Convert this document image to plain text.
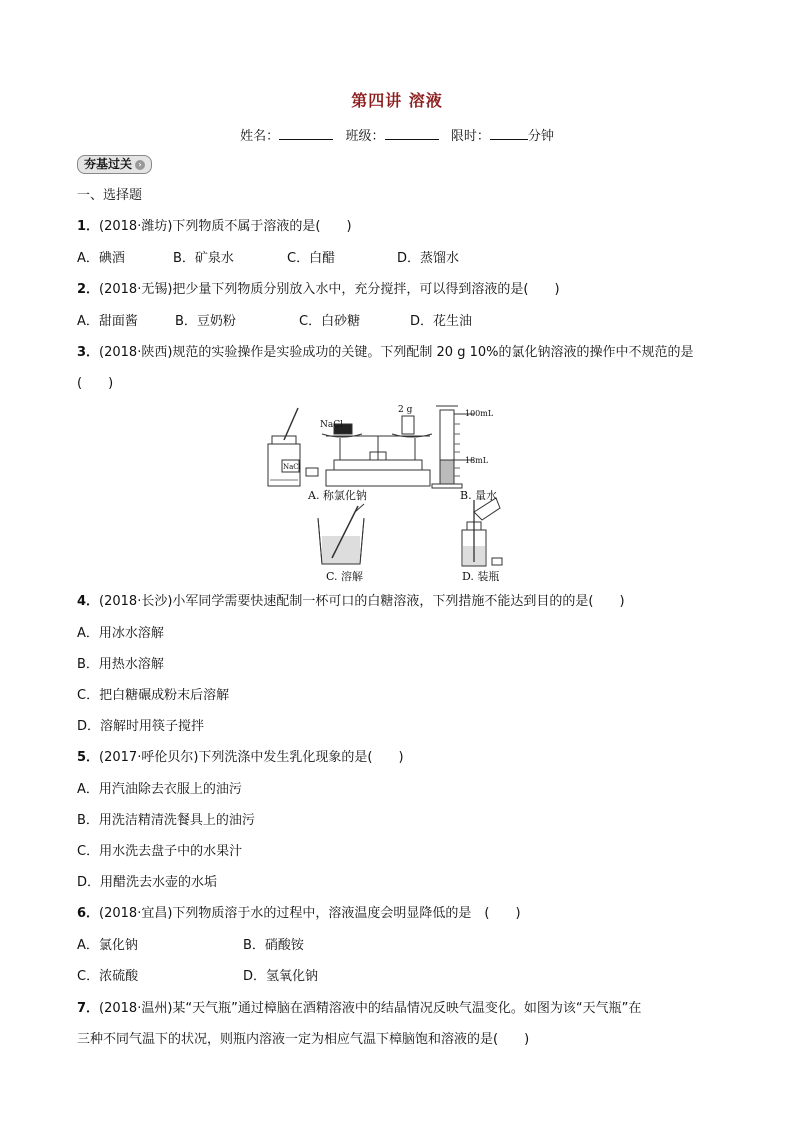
第四讲 溶液
姓名：	班级：	限时：	分钟
夯基过关 ›
一、选择题
1．(2018·潍坊)下列物质不属于溶液的是(　　)
A．碘酒	B．矿泉水	C．白醋	D．蒸馏水
2．(2018·无锡)把少量下列物质分别放入水中，充分搅拌，可以得到溶液的是(　　)
A．甜面酱	B．豆奶粉	C．白砂糖	D．花生油
3．(2018·陕西)规范的实验操作是实验成功的关键。下列配制 20 g 10%的氯化钠溶液的操作中不规范的是
(　　)
NaCl
2 g
NaCl
100mL
18mL
A. 称氯化钠	B. 量水
C. 溶解	D. 装瓶
4．(2018·长沙)小军同学需要快速配制一杯可口的白糖溶液，下列措施不能达到目的的是(　　)
A．用冰水溶解
B．用热水溶解
C．把白糖碾成粉末后溶解
D．溶解时用筷子搅拌
5．(2017·呼伦贝尔)下列洗涤中发生乳化现象的是(　　)
A．用汽油除去衣服上的油污
B．用洗洁精清洗餐具上的油污
C．用水洗去盘子中的水果汁
D．用醋洗去水壶的水垢
6．(2018·宜昌)下列物质溶于水的过程中，溶液温度会明显降低的是　(　　)
A．氯化钠	B．硝酸铵
C．浓硫酸	D．氢氧化钠
7．(2018·温州)某“天气瓶”通过樟脑在酒精溶液中的结晶情况反映气温变化。如图为该“天气瓶”在
三种不同气温下的状况，则瓶内溶液一定为相应气温下樟脑饱和溶液的是(　　)
